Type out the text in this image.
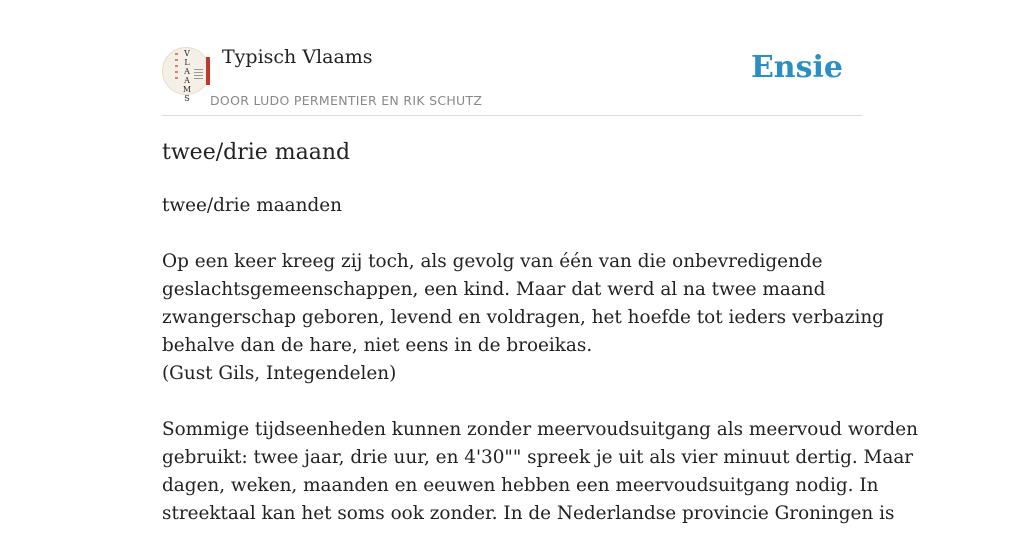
V
L
A
A
M
S
Typisch Vlaams
DOOR LUDO PERMENTIER EN RIK SCHUTZ
Ensie
twee/drie maand

twee/drie maanden

Op een keer kreeg zij toch, als gevolg van één van die onbevredigende
geslachtsgemeenschappen, een kind. Maar dat werd al na twee maand
zwangerschap geboren, levend en voldragen, het hoefde tot ieders verbazing
behalve dan de hare, niet eens in de broeikas.
(Gust Gils, Integendelen)

Sommige tijdseenheden kunnen zonder meervoudsuitgang als meervoud worden
gebruikt: twee jaar, drie uur, en 4'30"" spreek je uit als vier minuut dertig. Maar
dagen, weken, maanden en eeuwen hebben een meervoudsuitgang nodig. In
streektaal kan het soms ook zonder. In de Nederlandse provincie Groningen is
